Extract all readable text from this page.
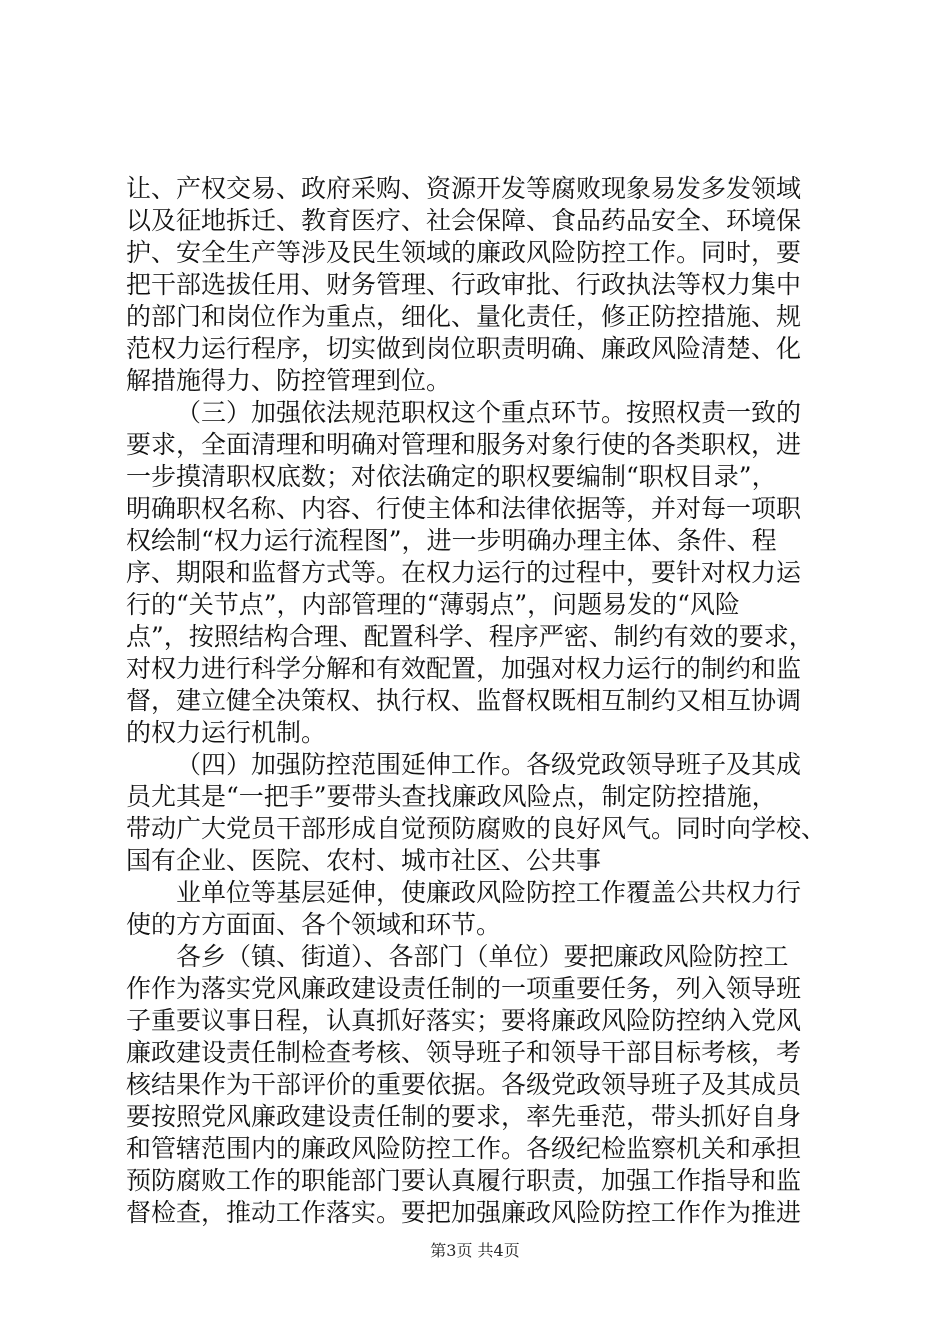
让、产权交易、政府采购、资源开发等腐败现象易发多发领域
以及征地拆迁、教育医疗、社会保障、食品药品安全、环境保
护、安全生产等涉及民生领域的廉政风险防控工作。同时，要
把干部选拔任用、财务管理、行政审批、行政执法等权力集中
的部门和岗位作为重点，细化、量化责任，修正防控措施、规
范权力运行程序，切实做到岗位职责明确、廉政风险清楚、化
解措施得力、防控管理到位。
（三）加强依法规范职权这个重点环节。按照权责一致的
要求，全面清理和明确对管理和服务对象行使的各类职权，进
一步摸清职权底数；对依法确定的职权要编制“职权目录”，
明确职权名称、内容、行使主体和法律依据等，并对每一项职
权绘制“权力运行流程图”，进一步明确办理主体、条件、程
序、期限和监督方式等。在权力运行的过程中，要针对权力运
行的“关节点”，内部管理的“薄弱点”，问题易发的“风险
点”，按照结构合理、配置科学、程序严密、制约有效的要求，
对权力进行科学分解和有效配置，加强对权力运行的制约和监
督，建立健全决策权、执行权、监督权既相互制约又相互协调
的权力运行机制。
（四）加强防控范围延伸工作。各级党政领导班子及其成
员尤其是“一把手”要带头查找廉政风险点，制定防控措施，
带动广大党员干部形成自觉预防腐败的良好风气。同时向学校、
国有企业、医院、农村、城市社区、公共事
业单位等基层延伸，使廉政风险防控工作覆盖公共权力行
使的方方面面、各个领域和环节。
各乡（镇、街道）、各部门（单位）要把廉政风险防控工
作作为落实党风廉政建设责任制的一项重要任务，列入领导班
子重要议事日程，认真抓好落实；要将廉政风险防控纳入党风
廉政建设责任制检查考核、领导班子和领导干部目标考核，考
核结果作为干部评价的重要依据。各级党政领导班子及其成员
要按照党风廉政建设责任制的要求，率先垂范，带头抓好自身
和管辖范围内的廉政风险防控工作。各级纪检监察机关和承担
预防腐败工作的职能部门要认真履行职责，加强工作指导和监
督检查，推动工作落实。要把加强廉政风险防控工作作为推进
第3页 共4页
